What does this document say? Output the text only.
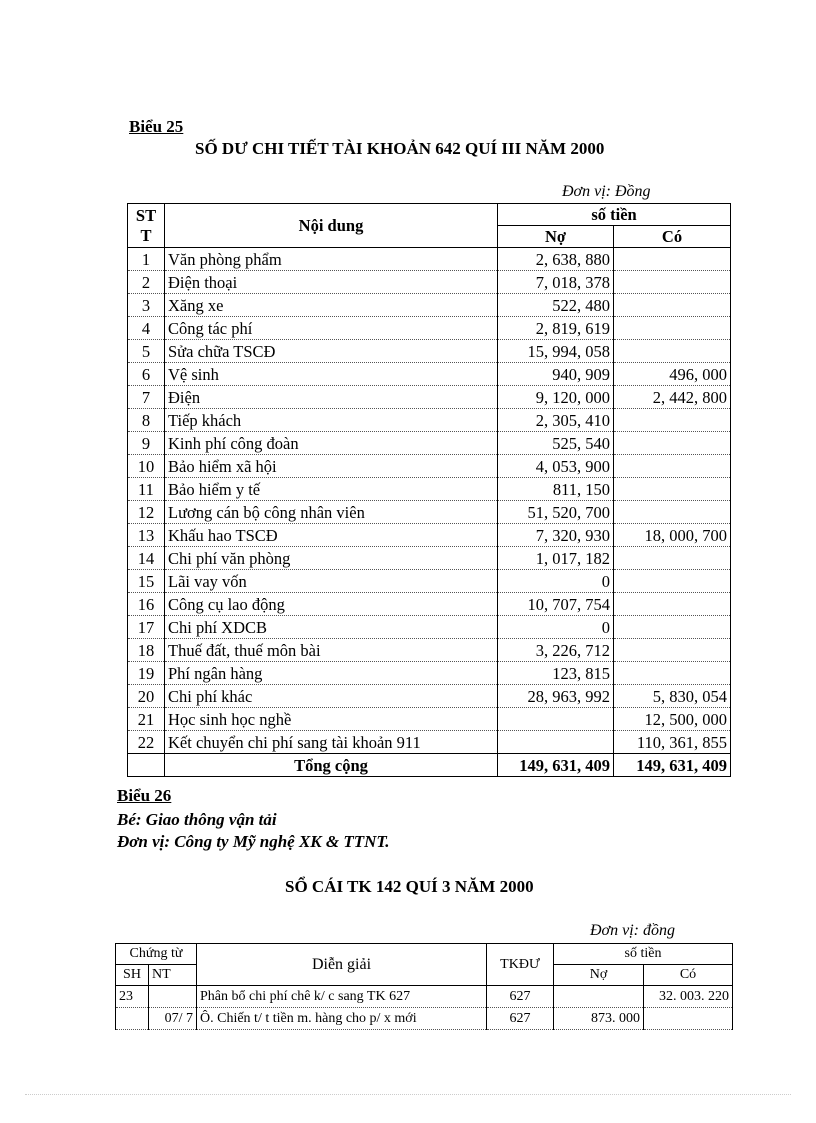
Biểu 25
SỐ DƯ CHI TIẾT TÀI KHOẢN 642 QUÍ III NĂM 2000
Đơn vị: Đồng
ST
T	Nội dung	số tiền	
		Nợ	Có
1	Văn phòng phẩm	2, 638, 880	
2	Điện thoại	7, 018, 378	
3	Xăng xe	522, 480	
4	Công tác phí	2, 819, 619	
5	Sửa chữa TSCĐ	15, 994, 058	
6	Vệ sinh	940, 909	496, 000
7	Điện	9, 120, 000	2, 442, 800
8	Tiếp khách	2, 305, 410	
9	Kinh phí công đoàn	525, 540	
10	Bảo hiểm xã hội	4, 053, 900	
11	Bảo hiểm y tế	811, 150	
12	Lương cán bộ công nhân viên	51, 520, 700	
13	Khấu hao TSCĐ	7, 320, 930	18, 000, 700
14	Chi phí văn phòng	1, 017, 182	
15	Lãi vay vốn	0	
16	Công cụ lao động	10, 707, 754	
17	Chi phí XDCB	0	
18	Thuế đất, thuế môn bài	3, 226, 712	
19	Phí ngân hàng	123, 815	
20	Chi phí khác	28, 963, 992	5, 830, 054
21	Học sinh học nghề		12, 500, 000
22	Kết chuyển chi phí sang tài khoản 911		110, 361, 855
	Tổng cộng	149, 631, 409	149, 631, 409
Biểu 26
Bé: Giao thông vận tải
Đơn vị: Công ty Mỹ nghệ XK & TTNT.
SỔ CÁI TK 142 QUÍ 3 NĂM 2000
Đơn vị: đồng
Chứng từ		Diễn giải	TKĐƯ	số tiền	
SH	NT			Nợ	Có
23		Phân bổ chi phí chê k/ c sang TK 627	627		32. 003. 220
	07/ 7	Ô. Chiến t/ t tiền m. hàng cho p/ x mới	627	873. 000	
